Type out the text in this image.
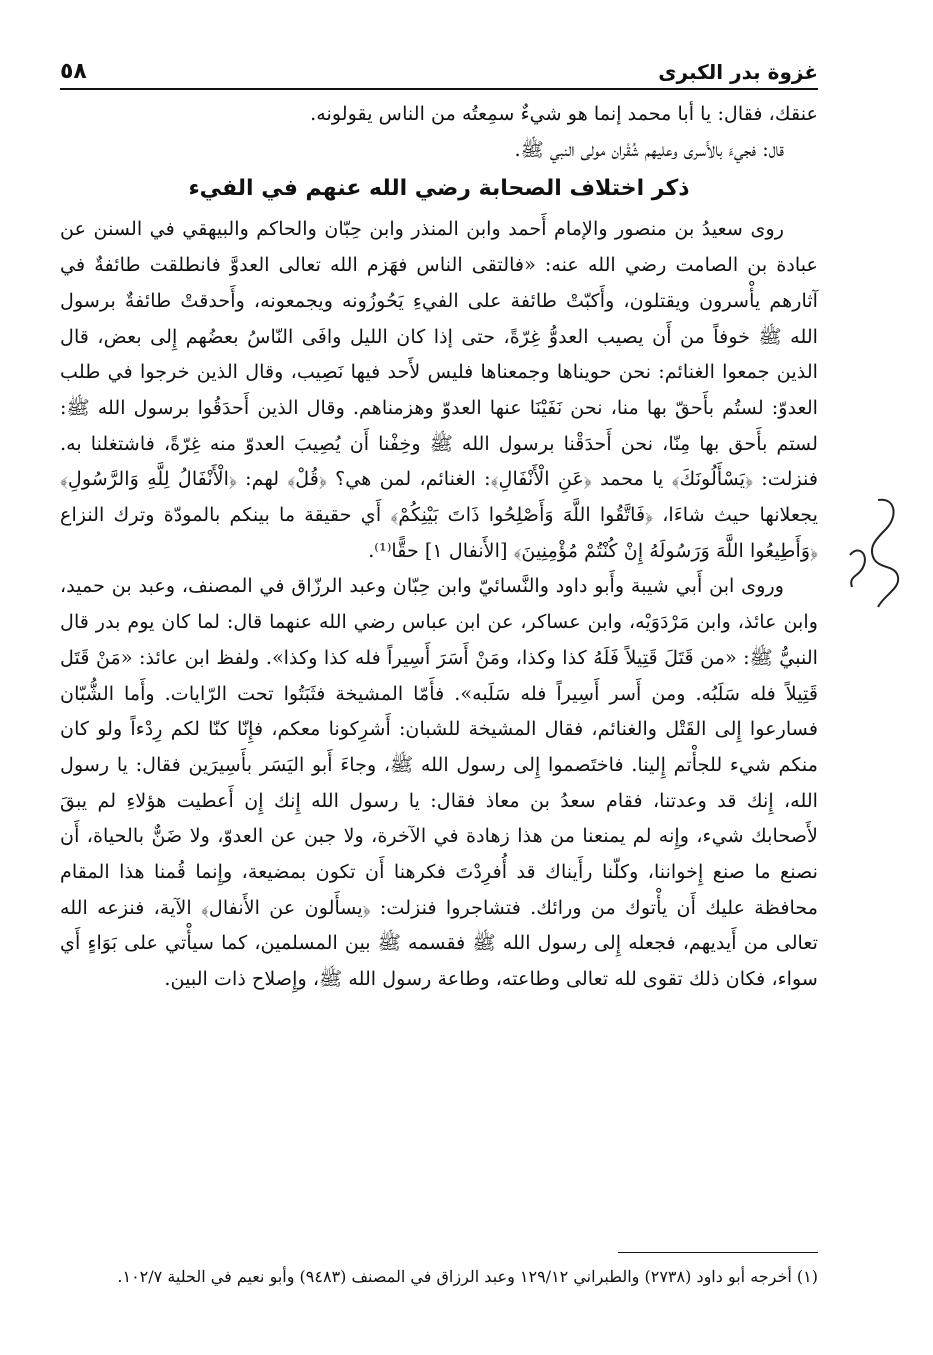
غزوة بدر الكبرى
٥٨

عنقك، فقال: يا أبا محمد إنما هو شيءٌ سمِعتُه من الناس يقولونه.

قال: فجيءَ بالأَسرى وعليهم شُقْران مولى النبي ﷺ.

ذكر اختلاف الصحابة رضي الله عنهم في الفيء

روى سعيدُ بن منصور والإمام أَحمد وابن المنذر وابن حِبّان والحاكم والبيهقي في السنن عن عبادة بن الصامت رضي الله عنه: «فالتقى الناس فهَزم الله تعالى العدوَّ فانطلقت طائفةٌ في آثارهم يأْسرون ويقتلون، وأَكبّتْ طائفة على الفيءِ يَحُوزُونه ويجمعونه، وأَحدقتْ طائفةٌ برسول الله ﷺ خوفاً من أَن يصيب العدوُّ غِرّةً، حتى إذا كان الليل وافَى النّاسُ بعضُهم إِلى بعض، قال الذين جمعوا الغنائم: نحن حويناها وجمعناها فليس لأَحد فيها نَصِيب، وقال الذين خرجوا في طلب العدوّ: لستُم بأَحقّ بها منا، نحن نَفَيْنَا عنها العدوّ وهزمناهم. وقال الذين أَحدَقُوا برسول الله ﷺ: لستم بأَحق بها مِنّا، نحن أَحدَقْنا برسول الله ﷺ وخِفْنا أَن يُصِيبَ العدوّ منه غِرّةً، فاشتغلنا به. فنزلت: ﴿يَسْأَلُونَكَ﴾ يا محمد ﴿عَنِ الْأَنْفَالِ﴾: الغنائم، لمن هي؟ ﴿قُلْ﴾ لهم: ﴿الْأَنْفَالُ لِلَّهِ وَالرَّسُولِ﴾ يجعلانها حيث شاءَا، ﴿فَاتَّقُوا اللَّهَ وَأَصْلِحُوا ذَاتَ بَيْنِكُمْ﴾ أَي حقيقة ما بينكم بالمودّة وترك النزاع ﴿وَأَطِيعُوا اللَّهَ وَرَسُولَهُ إِنْ كُنْتُمْ مُؤْمِنِينَ﴾ [الأَنفال ١] حقًّا⁽¹⁾.

وروى ابن أَبي شيبة وأَبو داود والنَّسائيّ وابن حِبّان وعبد الرزّاق في المصنف، وعبد بن حميد، وابن عائذ، وابن مَرْدَوَيْه، وابن عساكر، عن ابن عباس رضي الله عنهما قال: لما كان يوم بدر قال النبيُّ ﷺ: «من قَتَلَ قَتِيلاً فَلَهُ كذا وكذا، ومَنْ أَسَرَ أَسِيراً فله كذا وكذا». ولفظ ابن عائذ: «مَنْ قَتَل قَتِيلاً فله سَلَبُه. ومن أَسر أَسِيراً فله سَلَبه». فأَمّا المشيخة فثَبَتُوا تحت الرّايات. وأَما الشُّبّان فسارعوا إِلى القَتْل والغنائم، فقال المشيخة للشبان: أَشرِكونا معكم، فإِنّا كنّا لكم رِدْءاً ولو كان منكم شيء للجأْتم إِلينا. فاختَصموا إِلى رسول الله ﷺ، وجاءَ أَبو اليَسَر بأَسِيرَين فقال: يا رسول الله، إِنك قد وعدتنا، فقام سعدُ بن معاذ فقال: يا رسول الله إِنك إِن أَعطيت هؤلاءِ لم يبقَ لأَصحابك شيء، وإِنه لم يمنعنا من هذا زهادة في الآخرة، ولا جبن عن العدوّ، ولا ضَنٌّ بالحياة، أَن نصنع ما صنع إِخواننا، وكلّنا رأَيناك قد أُفرِدْتَ فكرهنا أَن تكون بمضيعة، وإِنما قُمنا هذا المقام محافظة عليك أَن يأْتوك من ورائك. فتشاجروا فنزلت: ﴿يسأَلون عن الأَنفال﴾ الآية، فنزعه الله تعالى من أَيديهم، فجعله إِلى رسول الله ﷺ فقسمه ﷺ بين المسلمين، كما سيأْتي على بَوَاءٍ أَي سواء، فكان ذلك تقوى لله تعالى وطاعته، وطاعة رسول الله ﷺ، وإِصلاح ذات البين.

(١) أخرجه أبو داود (٢٧٣٨) والطبراني ١٢٩/١٢ وعبد الرزاق في المصنف (٩٤٨٣) وأبو نعيم في الحلية ١٠٢/٧.
